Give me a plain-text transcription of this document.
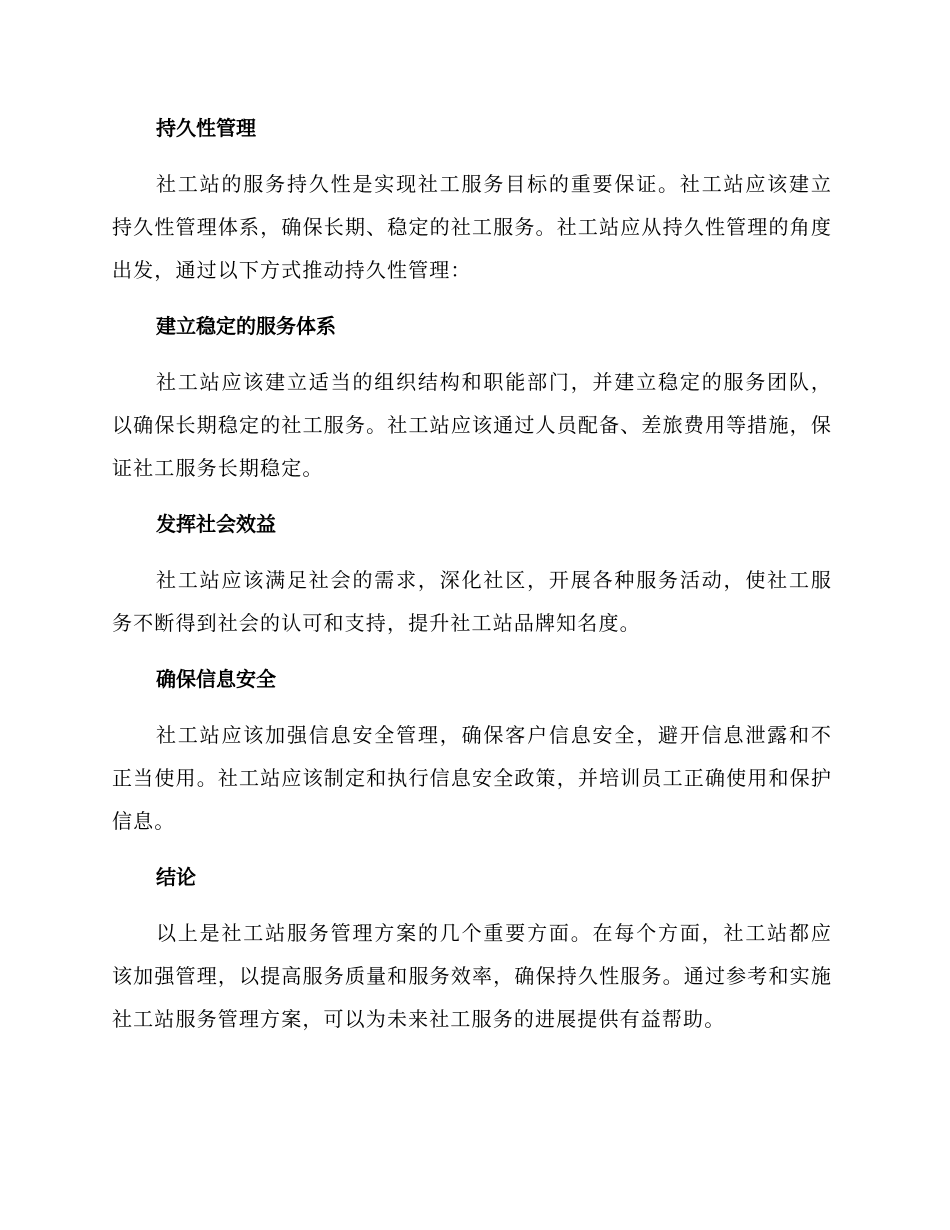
持久性管理

社工站的服务持久性是实现社工服务目标的重要保证。社工站应该建立持久性管理体系，确保长期、稳定的社工服务。社工站应从持久性管理的角度出发，通过以下方式推动持久性管理：

建立稳定的服务体系

社工站应该建立适当的组织结构和职能部门，并建立稳定的服务团队，以确保长期稳定的社工服务。社工站应该通过人员配备、差旅费用等措施，保证社工服务长期稳定。

发挥社会效益

社工站应该满足社会的需求，深化社区，开展各种服务活动，使社工服务不断得到社会的认可和支持，提升社工站品牌知名度。

确保信息安全

社工站应该加强信息安全管理，确保客户信息安全，避开信息泄露和不正当使用。社工站应该制定和执行信息安全政策，并培训员工正确使用和保护信息。

结论

以上是社工站服务管理方案的几个重要方面。在每个方面，社工站都应该加强管理，以提高服务质量和服务效率，确保持久性服务。通过参考和实施社工站服务管理方案，可以为未来社工服务的进展提供有益帮助。
